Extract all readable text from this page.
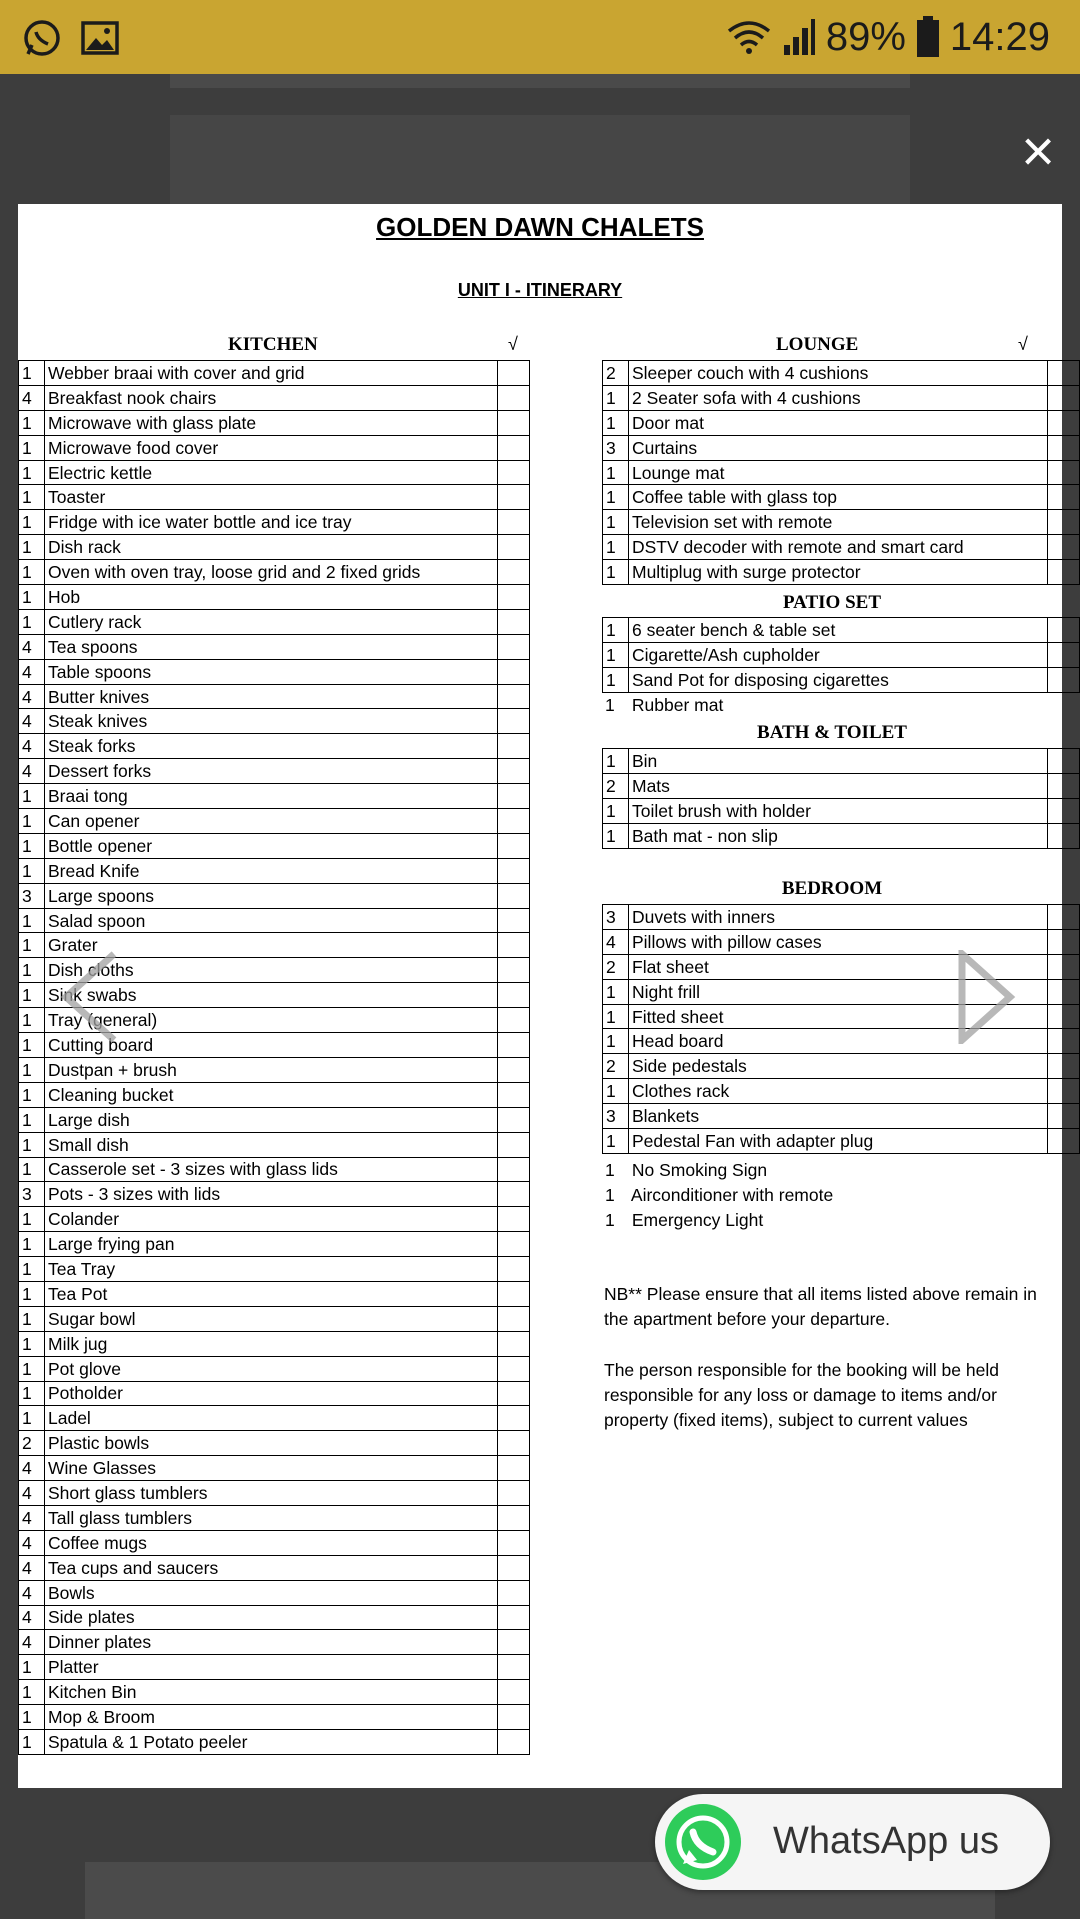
89% 14:29
×
GOLDEN DAWN CHALETS
UNIT I - ITINERARY
KITCHEN	√	LOUNGE	√
1	Webber braai with cover and grid	
4	Breakfast nook chairs	
1	Microwave with glass plate	
1	Microwave food cover	
1	Electric kettle	
1	Toaster	
1	Fridge with ice water bottle and ice tray	
1	Dish rack	
1	Oven with oven tray, loose grid and 2 fixed grids	
1	Hob	
1	Cutlery rack	
4	Tea spoons	
4	Table spoons	
4	Butter knives	
4	Steak knives	
4	Steak forks	
4	Dessert forks	
1	Braai tong	
1	Can opener	
1	Bottle opener	
1	Bread Knife	
3	Large spoons	
1	Salad spoon	
1	Grater	
1	Dish cloths	
1	Sink swabs	
1	Tray (general)	
1	Cutting board	
1	Dustpan + brush	
1	Cleaning bucket	
1	Large dish	
1	Small dish	
1	Casserole set - 3 sizes with glass lids	
3	Pots - 3 sizes with lids	
1	Colander	
1	Large frying pan	
1	Tea Tray	
1	Tea Pot	
1	Sugar bowl	
1	Milk jug	
1	Pot glove	
1	Potholder	
1	Ladel	
2	Plastic bowls	
4	Wine Glasses	
4	Short glass tumblers	
4	Tall glass tumblers	
4	Coffee mugs	
4	Tea cups and saucers	
4	Bowls	
4	Side plates	
4	Dinner plates	
1	Platter	
1	Kitchen Bin	
1	Mop & Broom	
1	Spatula & 1 Potato peeler	
2	Sleeper couch with 4 cushions	
1	2 Seater sofa with 4 cushions	
1	Door mat	
3	Curtains	
1	Lounge mat	
1	Coffee table with glass top	
1	Television set with remote	
1	DSTV decoder with remote and smart card	
1	Multiplug with surge protector	
PATIO SET
1	6 seater bench & table set	
1	Cigarette/Ash cupholder	
1	Sand Pot for disposing cigarettes	
1 Rubber mat
BATH & TOILET
1	Bin	
2	Mats	
1	Toilet brush with holder	
1	Bath mat - non slip	
BEDROOM
3	Duvets with inners	
4	Pillows with pillow cases	
2	Flat sheet	
1	Night frill	
1	Fitted sheet	
1	Head board	
2	Side pedestals	
1	Clothes rack	
3	Blankets	
1	Pedestal Fan with adapter plug	
1 No Smoking Sign
1 Airconditioner with remote
1 Emergency Light
NB** Please ensure that all items listed above remain in the apartment before your departure.
The person responsible for the booking will be held responsible for any loss or damage to items and/or property (fixed items), subject to current values
WhatsApp us
